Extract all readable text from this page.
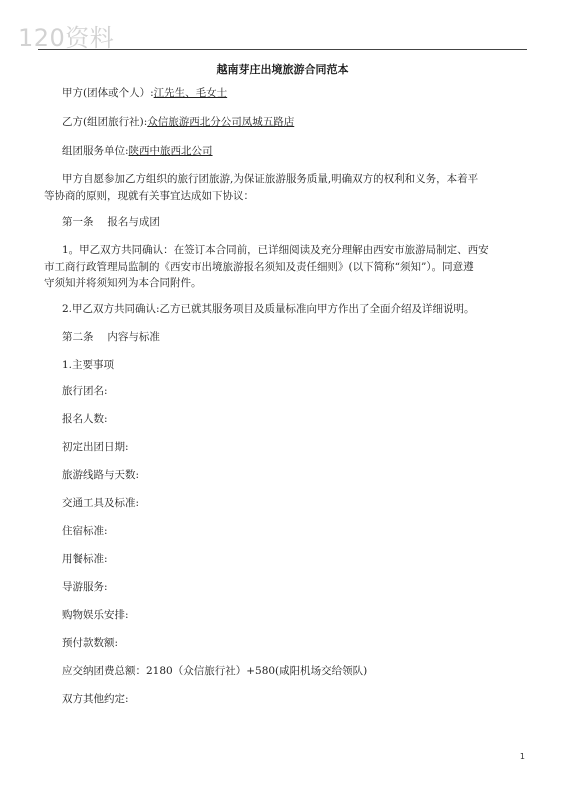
120资料
越南芽庄出境旅游合同范本
甲方(团体或个人）:江先生、毛女士
乙方(组团旅行社):众信旅游西北分公司凤城五路店
组团服务单位:陕西中旅西北公司
甲方自愿参加乙方组织的旅行团旅游,为保证旅游服务质量,明确双方的权利和义务，本着平
等协商的原则，现就有关事宜达成如下协议：
第一条　 报名与成团
1。甲乙双方共同确认：在签订本合同前，已详细阅读及充分理解由西安市旅游局制定、西安
市工商行政管理局监制的《西安市出境旅游报名须知及责任细则》(以下简称“须知”）。同意遵
守须知并将须知列为本合同附件。
2.甲乙双方共同确认:乙方已就其服务项目及质量标准向甲方作出了全面介绍及详细说明。
第二条　 内容与标准
1.主要事项
旅行团名:
报名人数:
初定出团日期:
旅游线路与天数:
交通工具及标准:
住宿标准:
用餐标准:
导游服务:
购物娱乐安排:
预付款数额:
应交纳团费总额：2180（众信旅行社）+580(咸阳机场交给领队)
双方其他约定:
1
